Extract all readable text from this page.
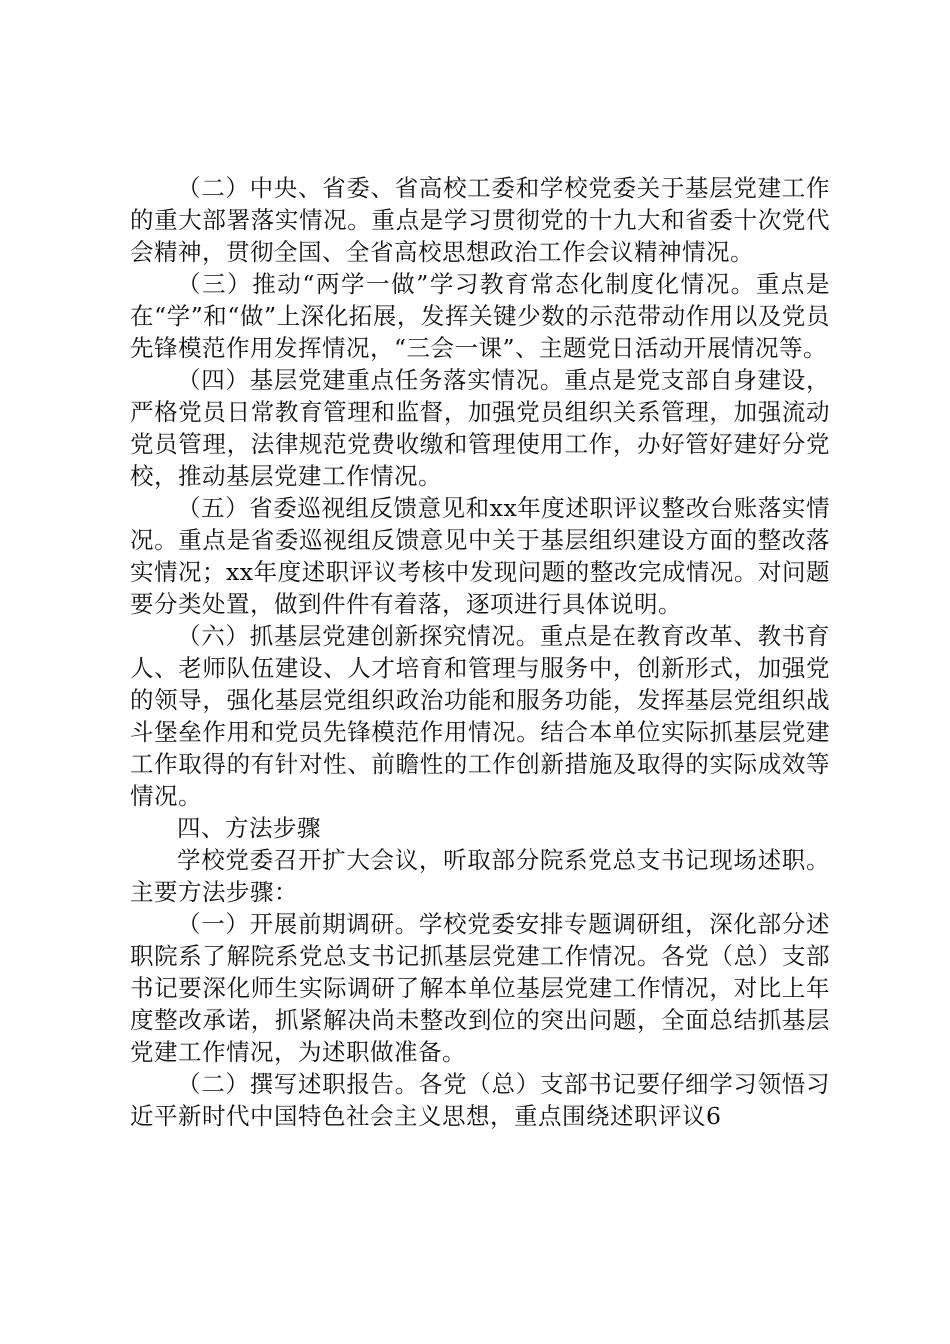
（二）中央、省委、省高校工委和学校党委关于基层党建工作的重大部署落实情况。重点是学习贯彻党的十九大和省委十次党代会精神，贯彻全国、全省高校思想政治工作会议精神情况。

（三）推动“两学一做”学习教育常态化制度化情况。重点是在“学”和“做”上深化拓展，发挥关键少数的示范带动作用以及党员先锋模范作用发挥情况，“三会一课”、主题党日活动开展情况等。

（四）基层党建重点任务落实情况。重点是党支部自身建设，严格党员日常教育管理和监督，加强党员组织关系管理，加强流动党员管理，法律规范党费收缴和管理使用工作，办好管好建好分党校，推动基层党建工作情况。

（五）省委巡视组反馈意见和xx年度述职评议整改台账落实情况。重点是省委巡视组反馈意见中关于基层组织建设方面的整改落实情况；xx年度述职评议考核中发现问题的整改完成情况。对问题要分类处置，做到件件有着落，逐项进行具体说明。

（六）抓基层党建创新探究情况。重点是在教育改革、教书育人、老师队伍建设、人才培育和管理与服务中，创新形式，加强党的领导，强化基层党组织政治功能和服务功能，发挥基层党组织战斗堡垒作用和党员先锋模范作用情况。结合本单位实际抓基层党建工作取得的有针对性、前瞻性的工作创新措施及取得的实际成效等情况。

四、方法步骤

学校党委召开扩大会议，听取部分院系党总支书记现场述职。主要方法步骤：

（一）开展前期调研。学校党委安排专题调研组，深化部分述职院系了解院系党总支书记抓基层党建工作情况。各党（总）支部书记要深化师生实际调研了解本单位基层党建工作情况，对比上年度整改承诺，抓紧解决尚未整改到位的突出问题，全面总结抓基层党建工作情况，为述职做准备。

（二）撰写述职报告。各党（总）支部书记要仔细学习领悟习近平新时代中国特色社会主义思想，重点围绕述职评议6
